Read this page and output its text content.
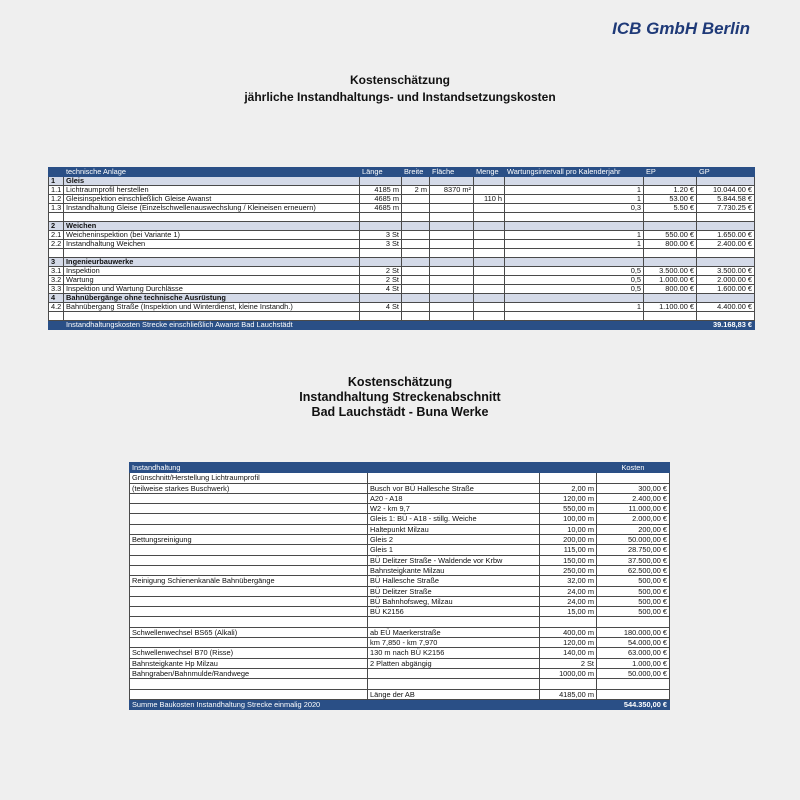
ICB GmbH Berlin
Kostenschätzung
jährliche Instandhaltungs- und Instandsetzungskosten
	technische Anlage	Länge	Breite	Fläche	Menge	Wartungsintervall pro Kalenderjahr	EP	GP
1	Gleis							
1.1	Lichtraumprofil herstellen	4185 m	2 m	8370 m²		1	1.20 €	10.044.00 €
1.2	Gleisinspektion einschließlich Gleise Awanst	4685 m			110 h	1	53.00 €	5.844.58 €
1.3	Instandhaltung Gleise (Einzelschwellenauswechslung / Kleineisen erneuern)	4685 m				0,3	5.50 €	7.730.25 €

2	Weichen							
2.1	Weicheninspektion (bei Variante 1)	3 St				1	550.00 €	1.650.00 €
2.2	Instandhaltung Weichen	3 St				1	800.00 €	2.400.00 €

3	Ingenieurbauwerke							
3.1	Inspektion	2 St				0,5	3.500.00 €	3.500.00 €
3.2	Wartung	2 St				0,5	1.000.00 €	2.000.00 €
3.3	Inspektion und Wartung Durchlässe	4 St				0,5	800.00 €	1.600.00 €
4	Bahnübergänge ohne technische Ausrüstung							
4.2	Bahnübergang Straße (Inspektion und Winterdienst, kleine Instandh.)	4 St				1	1.100.00 €	4.400.00 €

	Instandhaltungskosten Strecke einschließlich Awanst Bad Lauchstädt							39.168,83 €
Kostenschätzung
Instandhaltung Streckenabschnitt
Bad Lauchstädt - Buna Werke
Instandhaltung			Kosten
Grünschnitt/Herstellung Lichtraumprofil			
(teilweise starkes Buschwerk)	Busch vor BÜ Hallesche Straße	2,00 m	300,00 €
	A20 - A18	120,00 m	2.400,00 €
	W2 - km 9,7	550,00 m	11.000,00 €
	Gleis 1: BÜ - A18 - stillg. Weiche	100,00 m	2.000,00 €
	Haltepunkt Milzau	10,00 m	200,00 €
Bettungsreinigung	Gleis 2	200,00 m	50.000,00 €
	Gleis 1	115,00 m	28.750,00 €
	BÜ Delitzer Straße - Waldende vor Krbw	150,00 m	37.500,00 €
	Bahnsteigkante Milzau	250,00 m	62.500,00 €
Reinigung Schienenkanäle Bahnübergänge	BÜ Hallesche Straße	32,00 m	500,00 €
	BÜ Delitzer Straße	24,00 m	500,00 €
	BÜ Bahnhofsweg, Milzau	24,00 m	500,00 €
	BÜ K2156	15,00 m	500,00 €

Schwellenwechsel BS65 (Alkali)	ab EÜ Maerkerstraße	400,00 m	180.000,00 €
	km 7,850 - km 7,970	120,00 m	54.000,00 €
Schwellenwechsel B70 (Risse)	130 m nach BÜ K2156	140,00 m	63.000,00 €
Bahnsteigkante Hp Milzau	2 Platten abgängig	2 St	1.000,00 €
Bahngraben/Bahnmulde/Randwege		1000,00 m	50.000,00 €

	Länge der AB	4185,00 m	
Summe Baukosten Instandhaltung Strecke einmalig 2020			544.350,00 €
